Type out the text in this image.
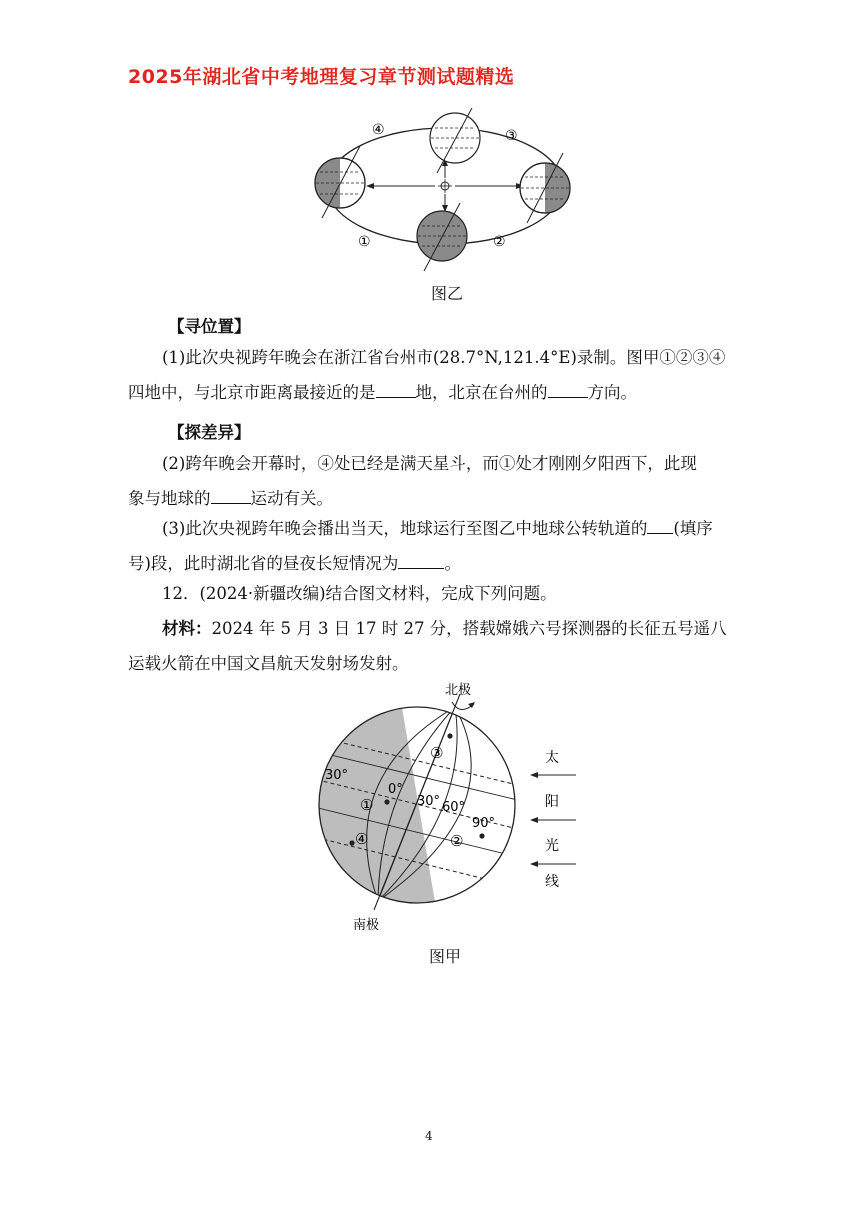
2025年湖北省中考地理复习章节测试题精选
④	③
①	②
图乙
【寻位置】
(1)此次央视跨年晚会在浙江省台州市(28.7°N,121.4°E)录制。图甲①②③④
四地中，与北京市距离最接近的是 地，北京在台州的 方向。
【探差异】
(2)跨年晚会开幕时，④处已经是满天星斗，而①处才刚刚夕阳西下，此现
象与地球的 运动有关。
(3)此次央视跨年晚会播出当天，地球运行至图乙中地球公转轨道的 (填序
号)段，此时湖北省的昼夜长短情况为	。
12．(2024·新疆改编)结合图文材料，完成下列问题。
材料：2024 年 5 月 3 日 17 时 27 分，搭载嫦娥六号探测器的长征五号遥八
运载火箭在中国文昌航天发射场发射。
③
①
④	②
30°
0°
30° 60°
90°
北极
南极
太
阳
光
线
图甲
4
